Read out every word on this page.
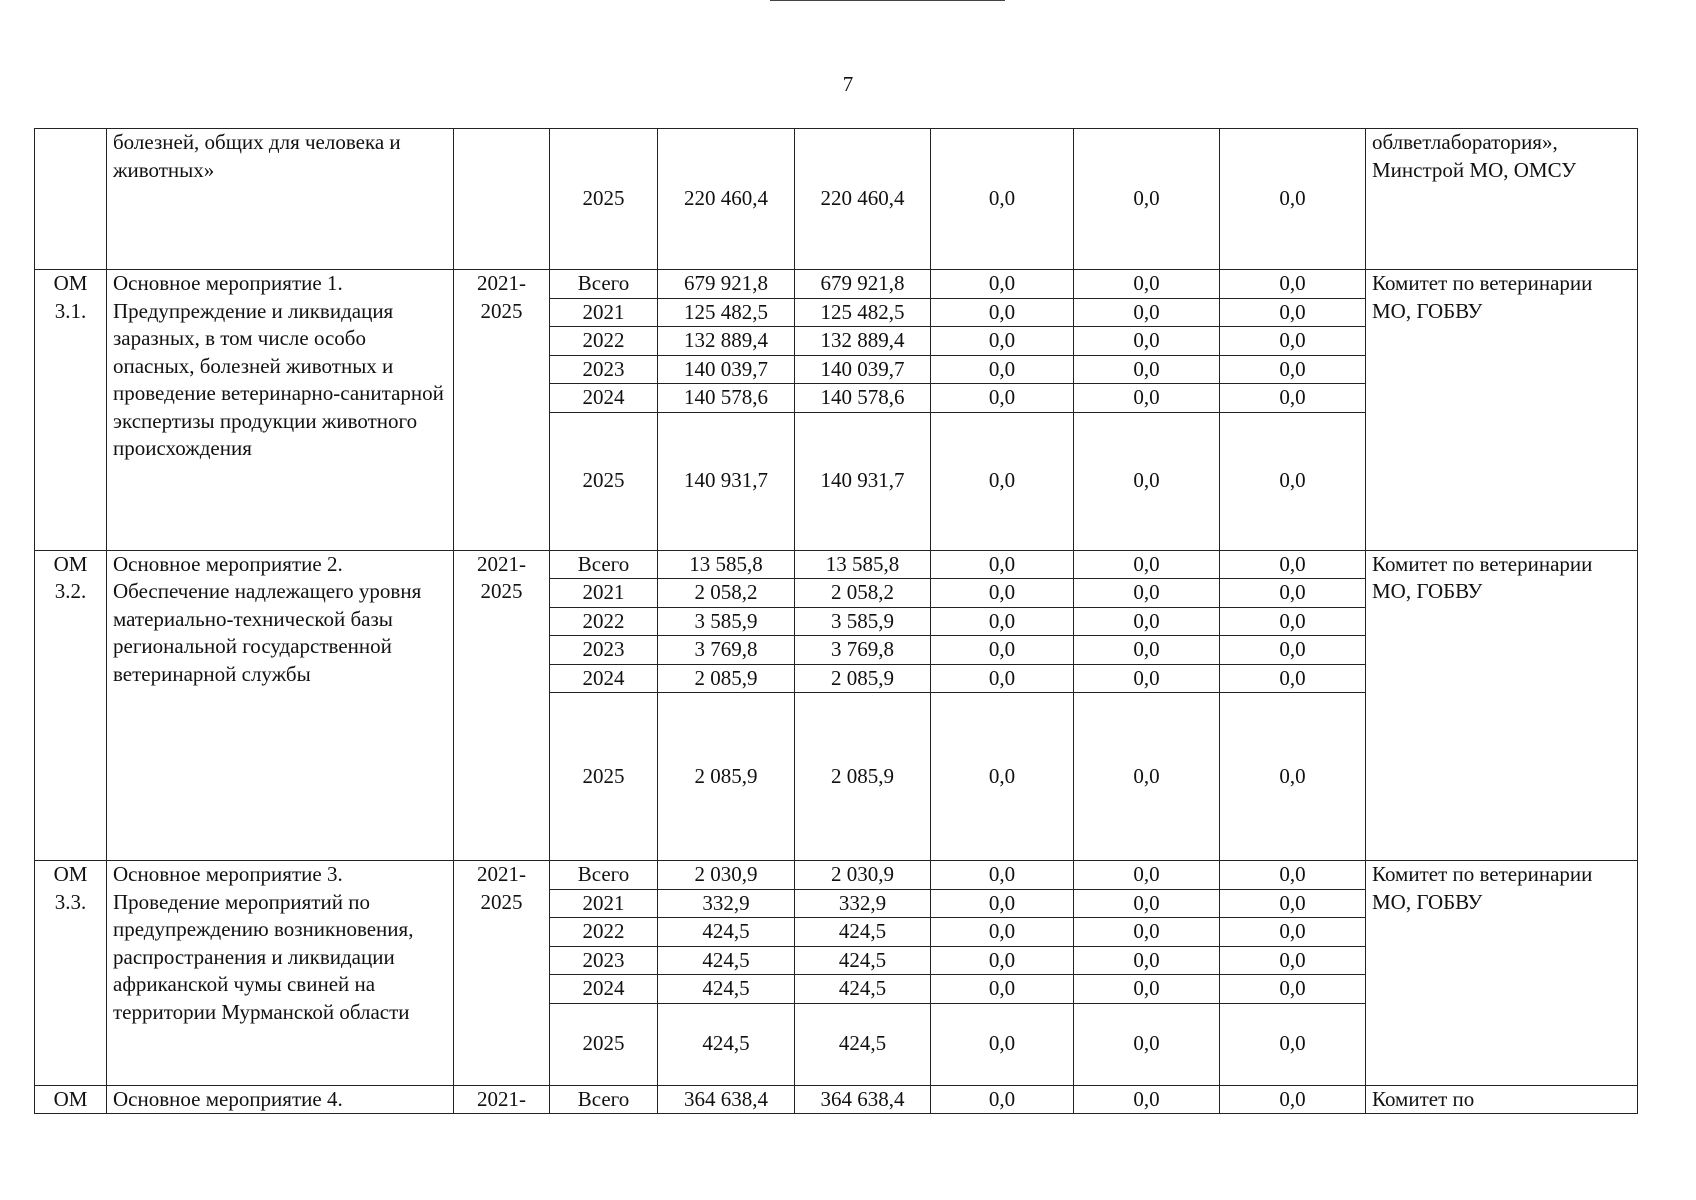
7
	болезней, общих для человека и животных»		2025	220 460,4	220 460,4	0,0	0,0	0,0	облветлаборатория», Минстрой МО, ОМСУ
ОМ 3.1.	Основное мероприятие 1. Предупреждение и ликвидация заразных, в том числе особо опасных, болезней животных и проведение ветеринарно-санитарной экспертизы продукции животного происхождения	2021-2025	Всего	679 921,8	679 921,8	0,0	0,0	0,0	Комитет по ветеринарии МО, ГОБВУ
			2021	125 482,5	125 482,5	0,0	0,0	0,0	
			2022	132 889,4	132 889,4	0,0	0,0	0,0	
			2023	140 039,7	140 039,7	0,0	0,0	0,0	
			2024	140 578,6	140 578,6	0,0	0,0	0,0	
			2025	140 931,7	140 931,7	0,0	0,0	0,0	
ОМ 3.2.	Основное мероприятие 2. Обеспечение надлежащего уровня материально-технической базы региональной государственной ветеринарной службы	2021-2025	Всего	13 585,8	13 585,8	0,0	0,0	0,0	Комитет по ветеринарии МО, ГОБВУ
			2021	2 058,2	2 058,2	0,0	0,0	0,0	
			2022	3 585,9	3 585,9	0,0	0,0	0,0	
			2023	3 769,8	3 769,8	0,0	0,0	0,0	
			2024	2 085,9	2 085,9	0,0	0,0	0,0	
			2025	2 085,9	2 085,9	0,0	0,0	0,0	
ОМ 3.3.	Основное мероприятие 3. Проведение мероприятий по предупреждению возникновения, распространения и ликвидации африканской чумы свиней на территории Мурманской области	2021-2025	Всего	2 030,9	2 030,9	0,0	0,0	0,0	Комитет по ветеринарии МО, ГОБВУ
			2021	332,9	332,9	0,0	0,0	0,0	
			2022	424,5	424,5	0,0	0,0	0,0	
			2023	424,5	424,5	0,0	0,0	0,0	
			2024	424,5	424,5	0,0	0,0	0,0	
			2025	424,5	424,5	0,0	0,0	0,0	
ОМ	Основное мероприятие 4.	2021-	Всего	364 638,4	364 638,4	0,0	0,0	0,0	Комитет по
